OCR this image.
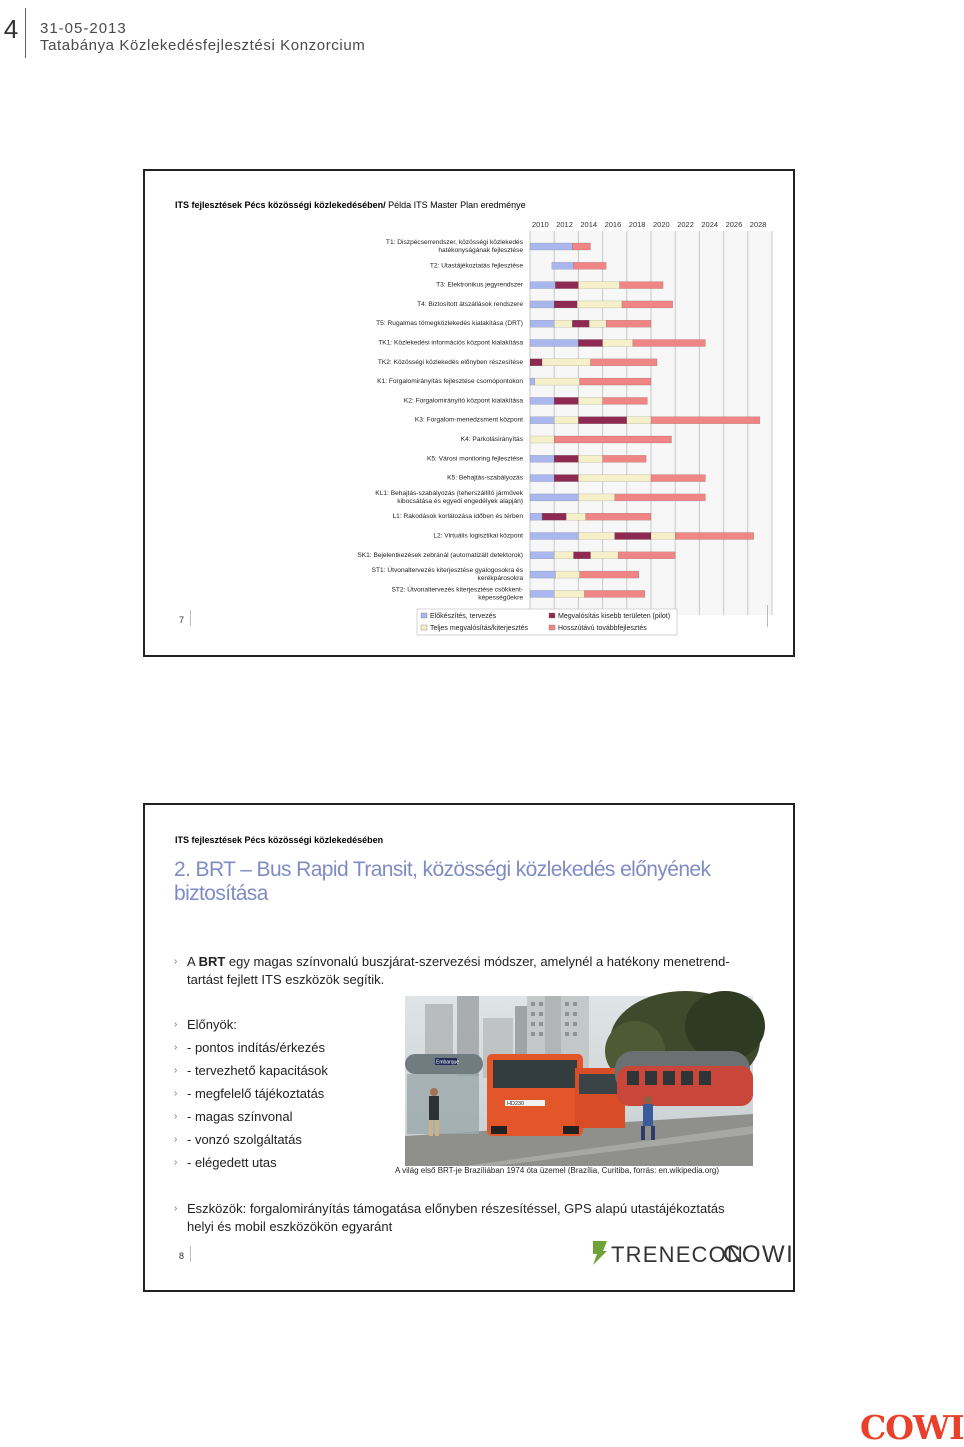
4 31-05-2013
Tatabánya Közlekedésfejlesztési Konzorcium
ITS fejlesztések Pécs közösségi közlekedésében/ Példa ITS Master Plan eredménye
2010 2012 2014 2016 2018 2020 2022 2024 2026 2028
T1: Diszpécserrendszer, közösségi közlekedés
hatékonyságának fejlesztése
T2: Utastájékoztatás fejlesztése
T3: Elektronikus jegyrendszer
T4: Biztosított átszállások rendszere
T5: Rugalmas tömegközlekedés kialakítása (DRT)
TK1: Közlekedési információs központ kialakítása
TK2: Közösségi közlekedés előnyben részesítése
K1: Forgalomirányítás fejlesztése csomópontokon
K2: Forgalomirányító központ kialakítása
K3: Forgalom-menedzsment központ
K4: Parkolásirányítás
K5: Városi monitoring fejlesztése
K5: Behajtás-szabályozás
KL1: Behajtás-szabályozás (teherszállító járművek
kibocsátása és egyedi engedélyek alapján)
L1: Rakodások korlátozása időben és térben
L2: Virtuális logisztikai központ
SK1: Bejelentkezések zebránál (automatizált detektorok)
ST1: Útvonaltervezés kiterjesztése gyalogosokra és
kerékpárosokra
ST2: Útvonaltervezés kiterjesztése csökkent-
képességűekre
Előkészítés, tervezés	Megvalósítás kisebb területen (pilot)
Teljes megvalósítás/kiterjesztés	Hosszútávú továbbfejlesztés
7
ITS fejlesztések Pécs közösségi közlekedésében
2. BRT – Bus Rapid Transit, közösségi közlekedés előnyének biztosítása
› A BRT egy magas színvonalú buszjárat-szervezési módszer, amelynél a hatékony menetrend-tartást fejlett ITS eszközök segítik.
› Előnyök:
› - pontos indítás/érkezés
› - tervezhető kapacitások
› - megfelelő tájékoztatás
› - magas színvonal
› - vonzó szolgáltatás
› - elégedett utas
Embarque
HD230
A világ első BRT-je Brazíliában 1974 óta üzemel (Brazília, Curitiba, forrás: en.wikipedia.org)
› Eszközök: forgalomirányítás támogatása előnyben részesítéssel, GPS alapú utastájékoztatás helyi és mobil eszközökön egyaránt
8	TRENECON
COWI
COWI
